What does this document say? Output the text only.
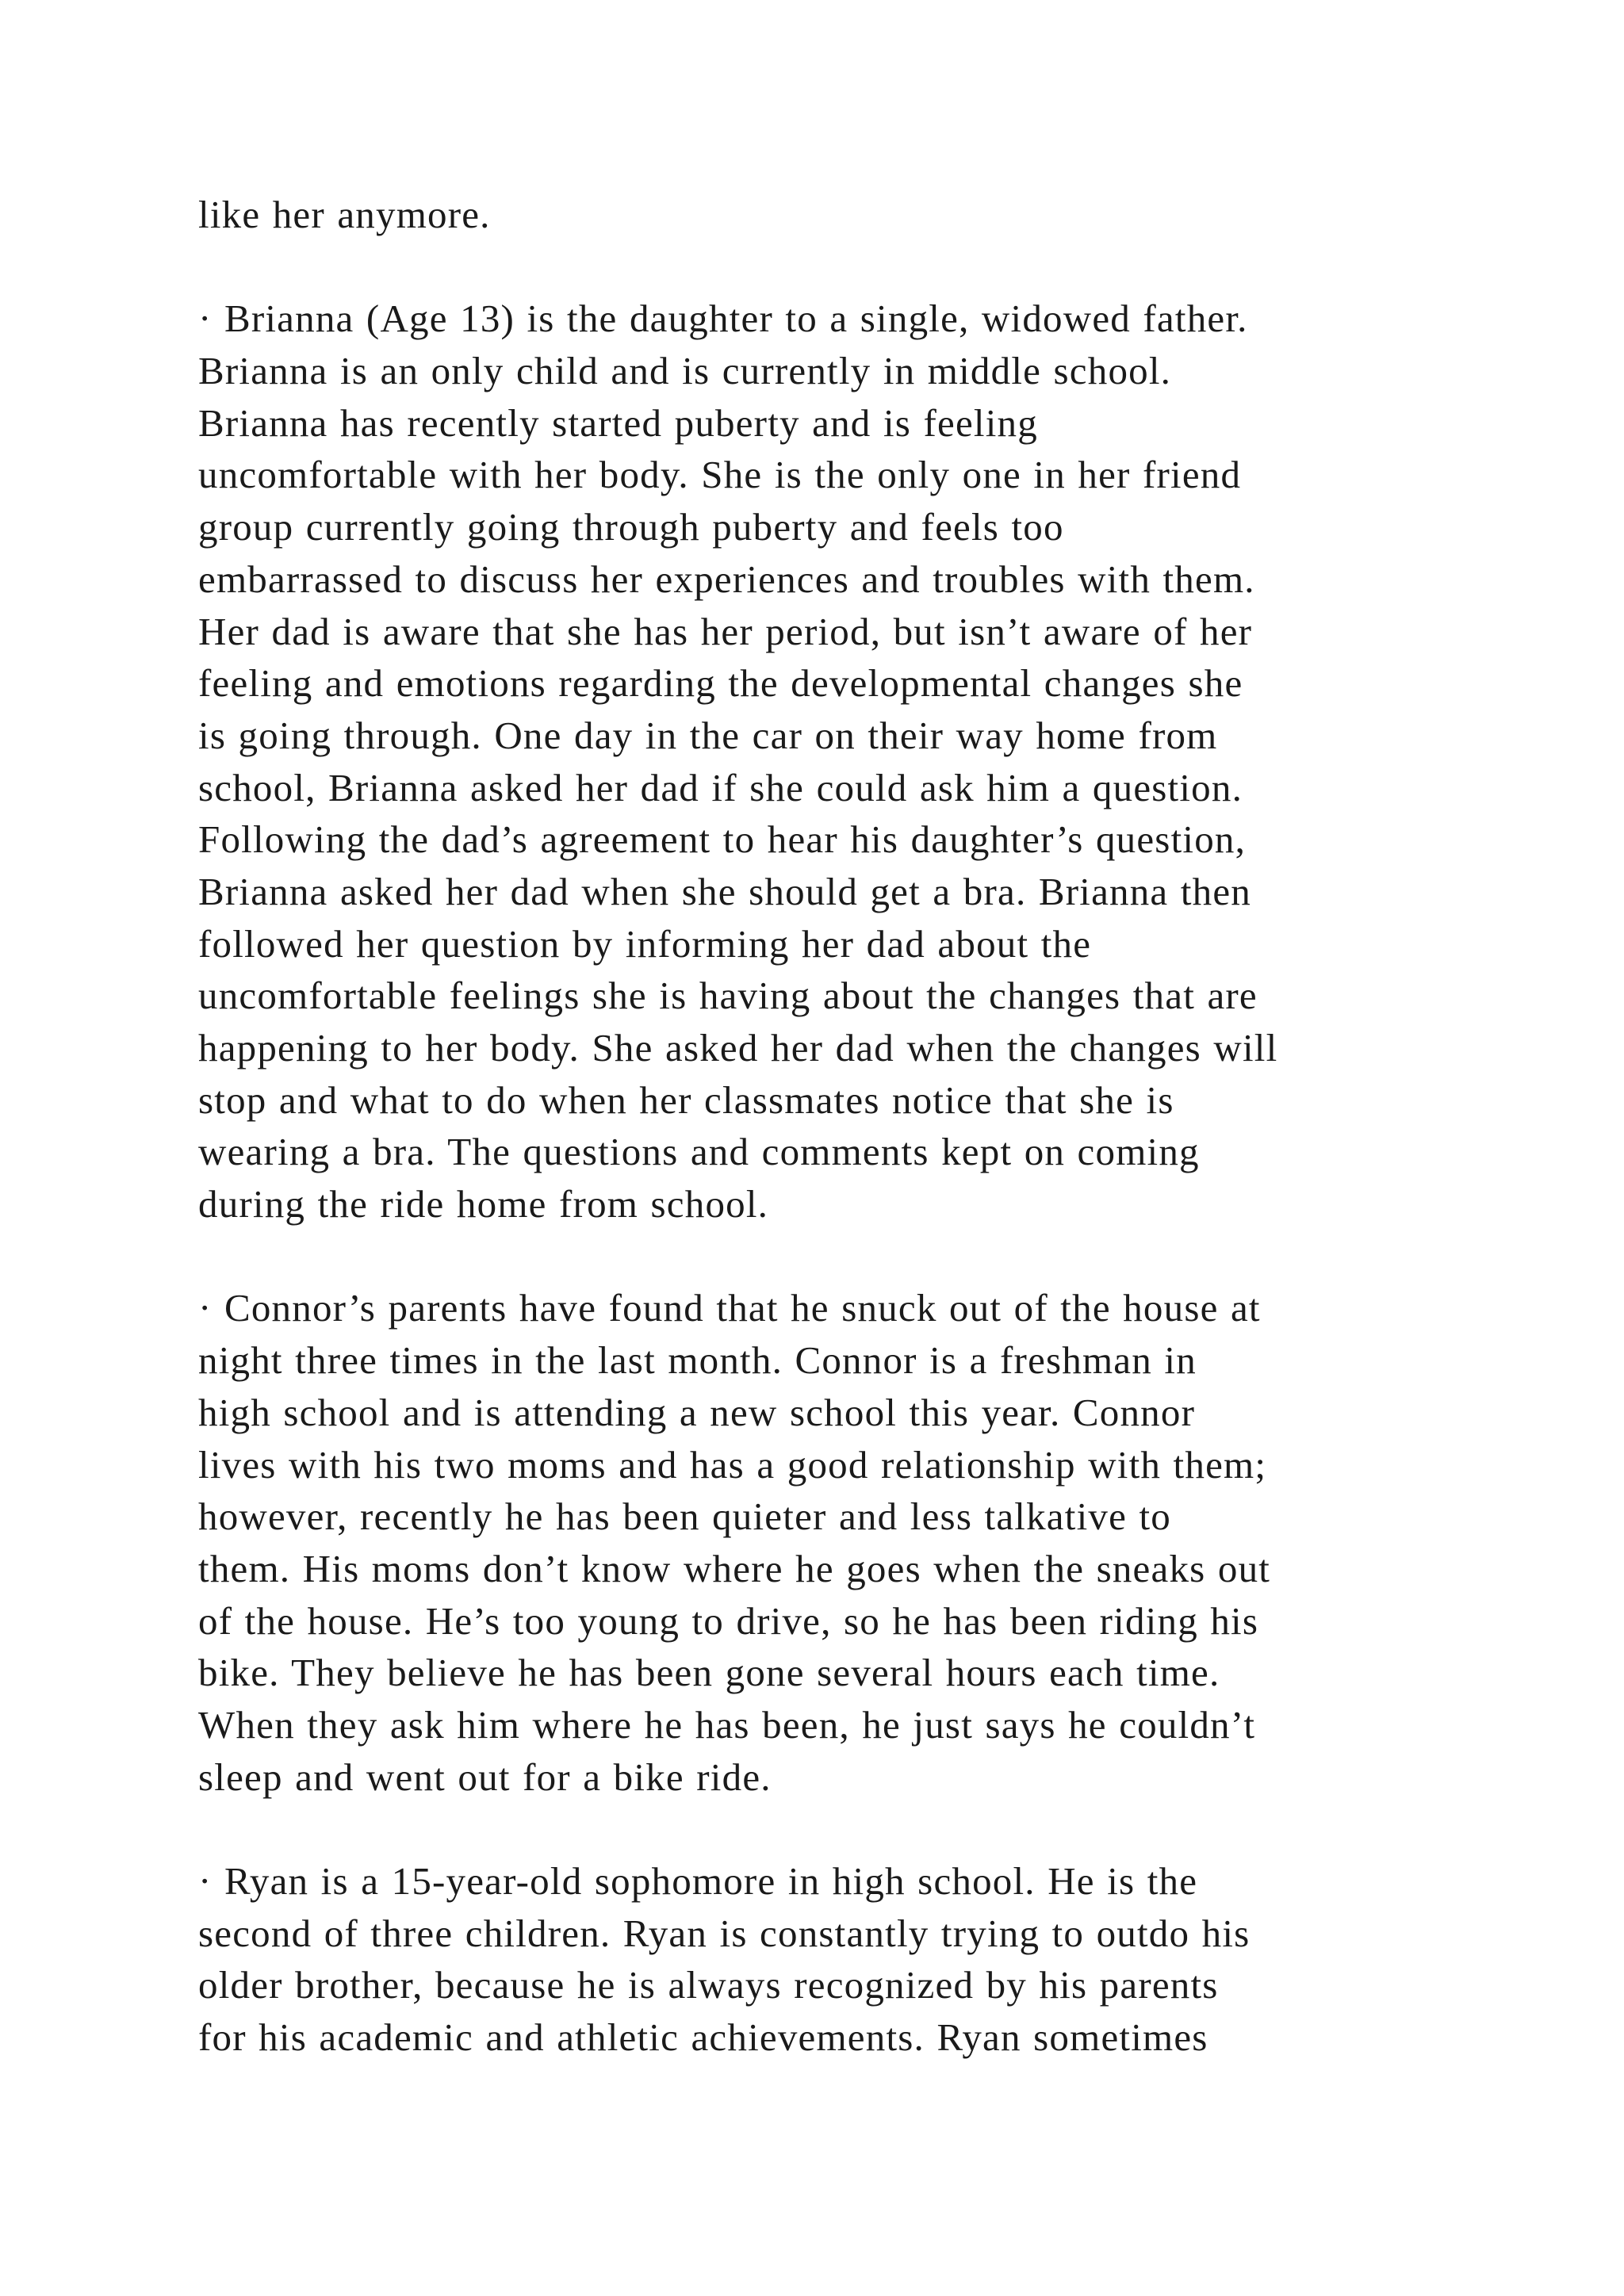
like her anymore.
· Brianna (Age 13) is the daughter to a single, widowed father.
Brianna is an only child and is currently in middle school.
Brianna has recently started puberty and is feeling
uncomfortable with her body. She is the only one in her friend
group currently going through puberty and feels too
embarrassed to discuss her experiences and troubles with them.
Her dad is aware that she has her period, but isn’t aware of her
feeling and emotions regarding the developmental changes she
is going through. One day in the car on their way home from
school, Brianna asked her dad if she could ask him a question.
Following the dad’s agreement to hear his daughter’s question,
Brianna asked her dad when she should get a bra. Brianna then
followed her question by informing her dad about the
uncomfortable feelings she is having about the changes that are
happening to her body. She asked her dad when the changes will
stop and what to do when her classmates notice that she is
wearing a bra. The questions and comments kept on coming
during the ride home from school.
· Connor’s parents have found that he snuck out of the house at
night three times in the last month. Connor is a freshman in
high school and is attending a new school this year. Connor
lives with his two moms and has a good relationship with them;
however, recently he has been quieter and less talkative to
them. His moms don’t know where he goes when the sneaks out
of the house. He’s too young to drive, so he has been riding his
bike. They believe he has been gone several hours each time.
When they ask him where he has been, he just says he couldn’t
sleep and went out for a bike ride.
· Ryan is a 15-year-old sophomore in high school. He is the
second of three children. Ryan is constantly trying to outdo his
older brother, because he is always recognized by his parents
for his academic and athletic achievements. Ryan sometimes
